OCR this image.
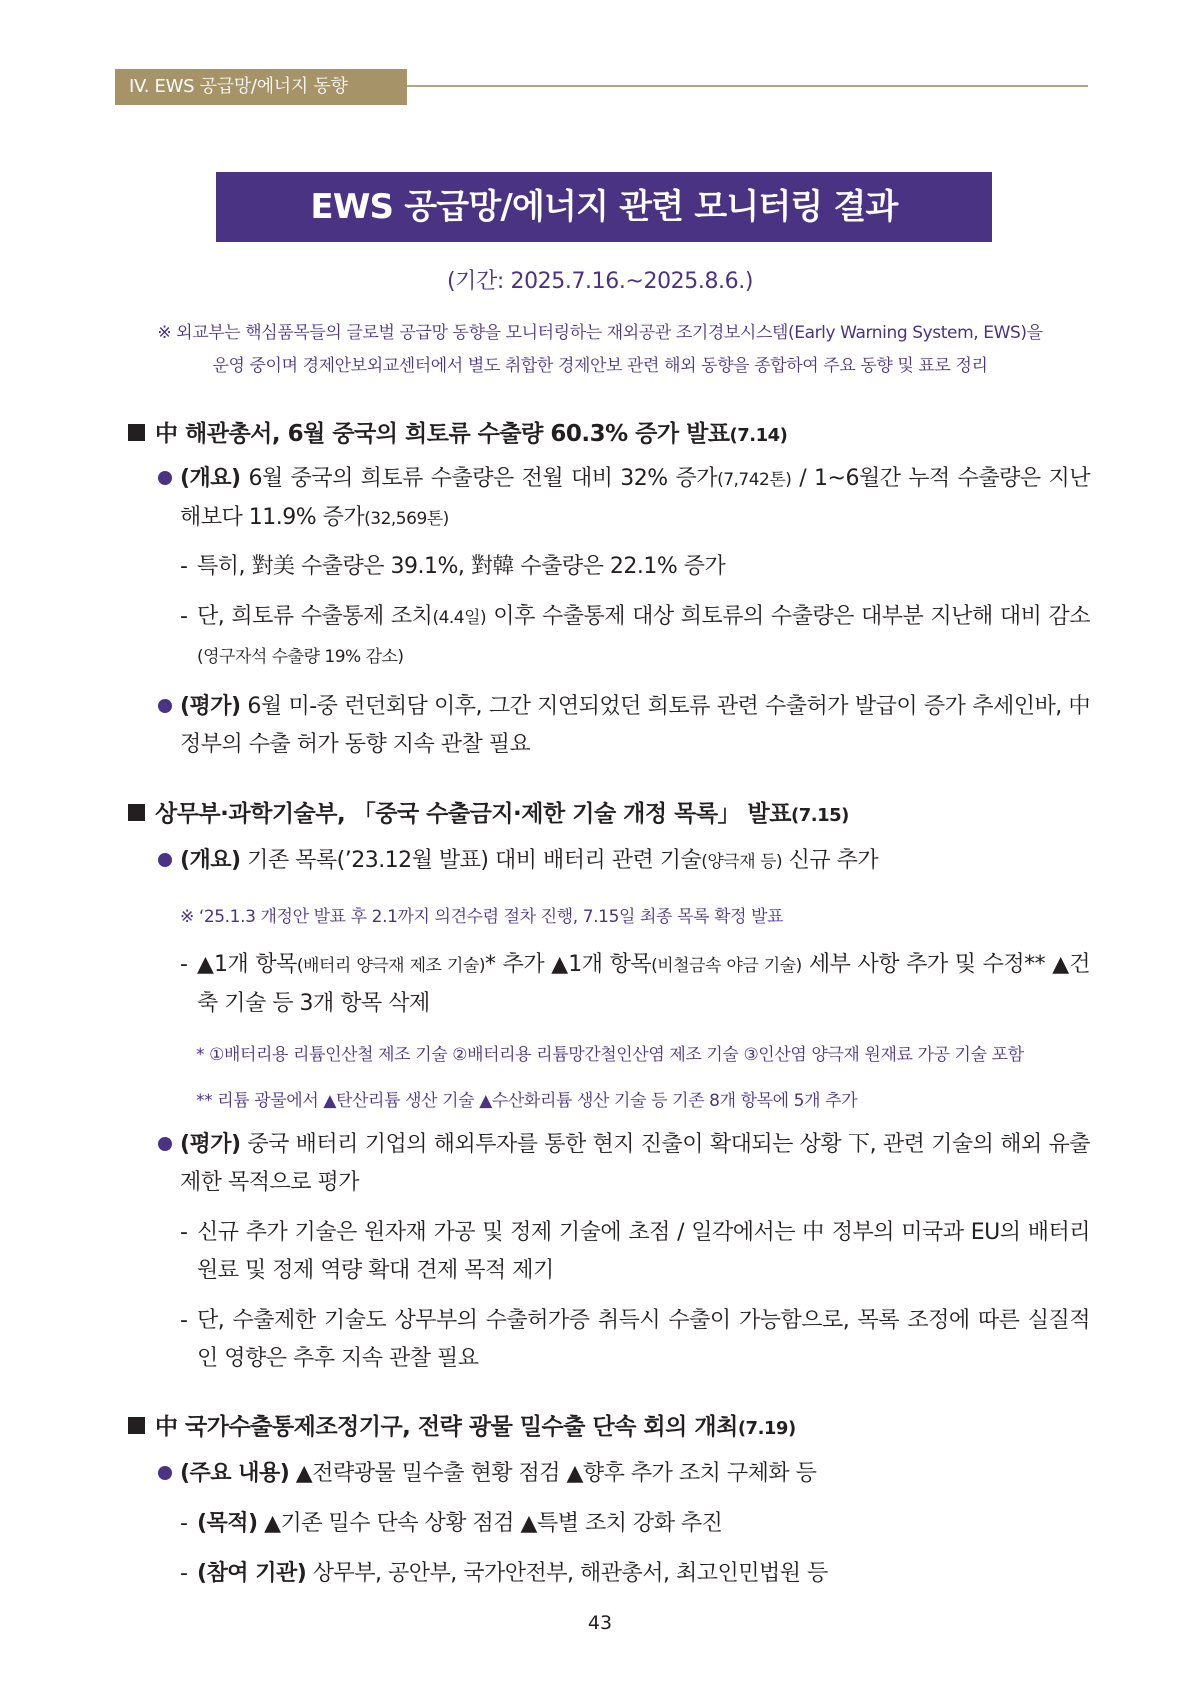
IV. EWS 공급망/에너지 동향
EWS 공급망/에너지 관련 모니터링 결과
(기간: 2025.7.16.~2025.8.6.)
※ 외교부는 핵심품목들의 글로벌 공급망 동향을 모니터링하는 재외공관 조기경보시스템(Early Warning System, EWS)을
운영 중이며 경제안보외교센터에서 별도 취합한 경제안보 관련 해외 동향을 종합하여 주요 동향 및 표로 정리
中 해관총서, 6월 중국의 희토류 수출량 60.3% 증가 발표(7.14)
(개요) 6월 중국의 희토류 수출량은 전월 대비 32% 증가(7,742톤) / 1~6월간 누적 수출량은 지난해보다 11.9% 증가(32,569톤)
- 특히, 對美 수출량은 39.1%, 對韓 수출량은 22.1% 증가
- 단, 희토류 수출통제 조치(4.4일) 이후 수출통제 대상 희토류의 수출량은 대부분 지난해 대비 감소(영구자석 수출량 19% 감소)
(평가) 6월 미-중 런던회담 이후, 그간 지연되었던 희토류 관련 수출허가 발급이 증가 추세인바, 中 정부의 수출 허가 동향 지속 관찰 필요
상무부·과학기술부, 「중국 수출금지·제한 기술 개정 목록」 발표(7.15)
(개요) 기존 목록(’23.12월 발표) 대비 배터리 관련 기술(양극재 등) 신규 추가
※ ‘25.1.3 개정안 발표 후 2.1까지 의견수렴 절차 진행, 7.15일 최종 목록 확정 발표
- ▲1개 항목(배터리 양극재 제조 기술)* 추가 ▲1개 항목(비철금속 야금 기술) 세부 사항 추가 및 수정** ▲건축 기술 등 3개 항목 삭제
* ①배터리용 리튬인산철 제조 기술 ②배터리용 리튬망간철인산염 제조 기술 ③인산염 양극재 원재료 가공 기술 포함
** 리튬 광물에서 ▲탄산리튬 생산 기술 ▲수산화리튬 생산 기술 등 기존 8개 항목에 5개 추가
(평가) 중국 배터리 기업의 해외투자를 통한 현지 진출이 확대되는 상황 下, 관련 기술의 해외 유출 제한 목적으로 평가
- 신규 추가 기술은 원자재 가공 및 정제 기술에 초점 / 일각에서는 中 정부의 미국과 EU의 배터리 원료 및 정제 역량 확대 견제 목적 제기
- 단, 수출제한 기술도 상무부의 수출허가증 취득시 수출이 가능함으로, 목록 조정에 따른 실질적인 영향은 추후 지속 관찰 필요
中 국가수출통제조정기구, 전략 광물 밀수출 단속 회의 개최(7.19)
(주요 내용) ▲전략광물 밀수출 현황 점검 ▲향후 추가 조치 구체화 등
- (목적) ▲기존 밀수 단속 상황 점검 ▲특별 조치 강화 추진
- (참여 기관) 상무부, 공안부, 국가안전부, 해관총서, 최고인민법원 등
43
